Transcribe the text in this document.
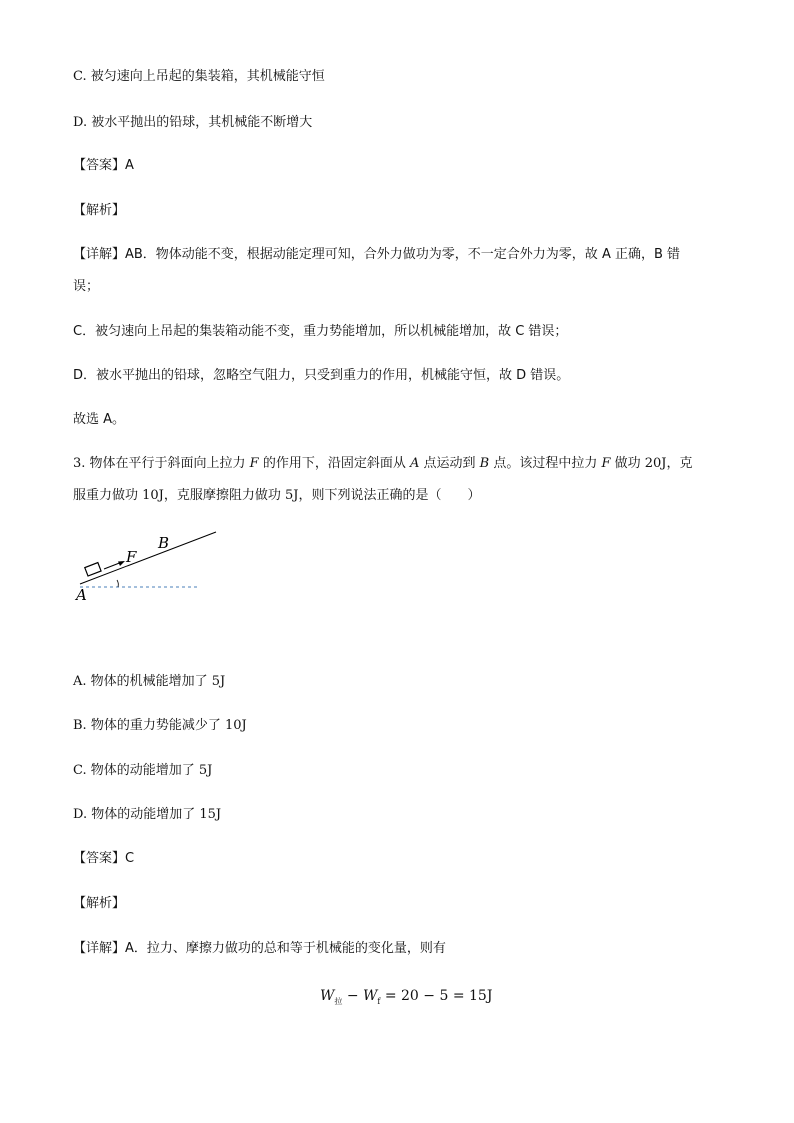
C. 被匀速向上吊起的集装箱，其机械能守恒
D. 被水平抛出的铅球，其机械能不断增大
【答案】A
【解析】
【详解】AB．物体动能不变，根据动能定理可知，合外力做功为零，不一定合外力为零，故 A 正确，B 错
误；
C．被匀速向上吊起的集装箱动能不变，重力势能增加，所以机械能增加，故 C 错误；
D．被水平抛出的铅球，忽略空气阻力，只受到重力的作用，机械能守恒，故 D 错误。
故选 A。
3. 物体在平行于斜面向上拉力 F 的作用下，沿固定斜面从 A 点运动到 B 点。该过程中拉力 F 做功 20J，克
服重力做功 10J，克服摩擦阻力做功 5J，则下列说法正确的是（　　）
F
B
A
A. 物体的机械能增加了 5J
B. 物体的重力势能减少了 10J
C. 物体的动能增加了 5J
D. 物体的动能增加了 15J
【答案】C
【解析】
【详解】A．拉力、摩擦力做功的总和等于机械能的变化量，则有
$W_拉 - W_f = 20 - 5 = 15J$
